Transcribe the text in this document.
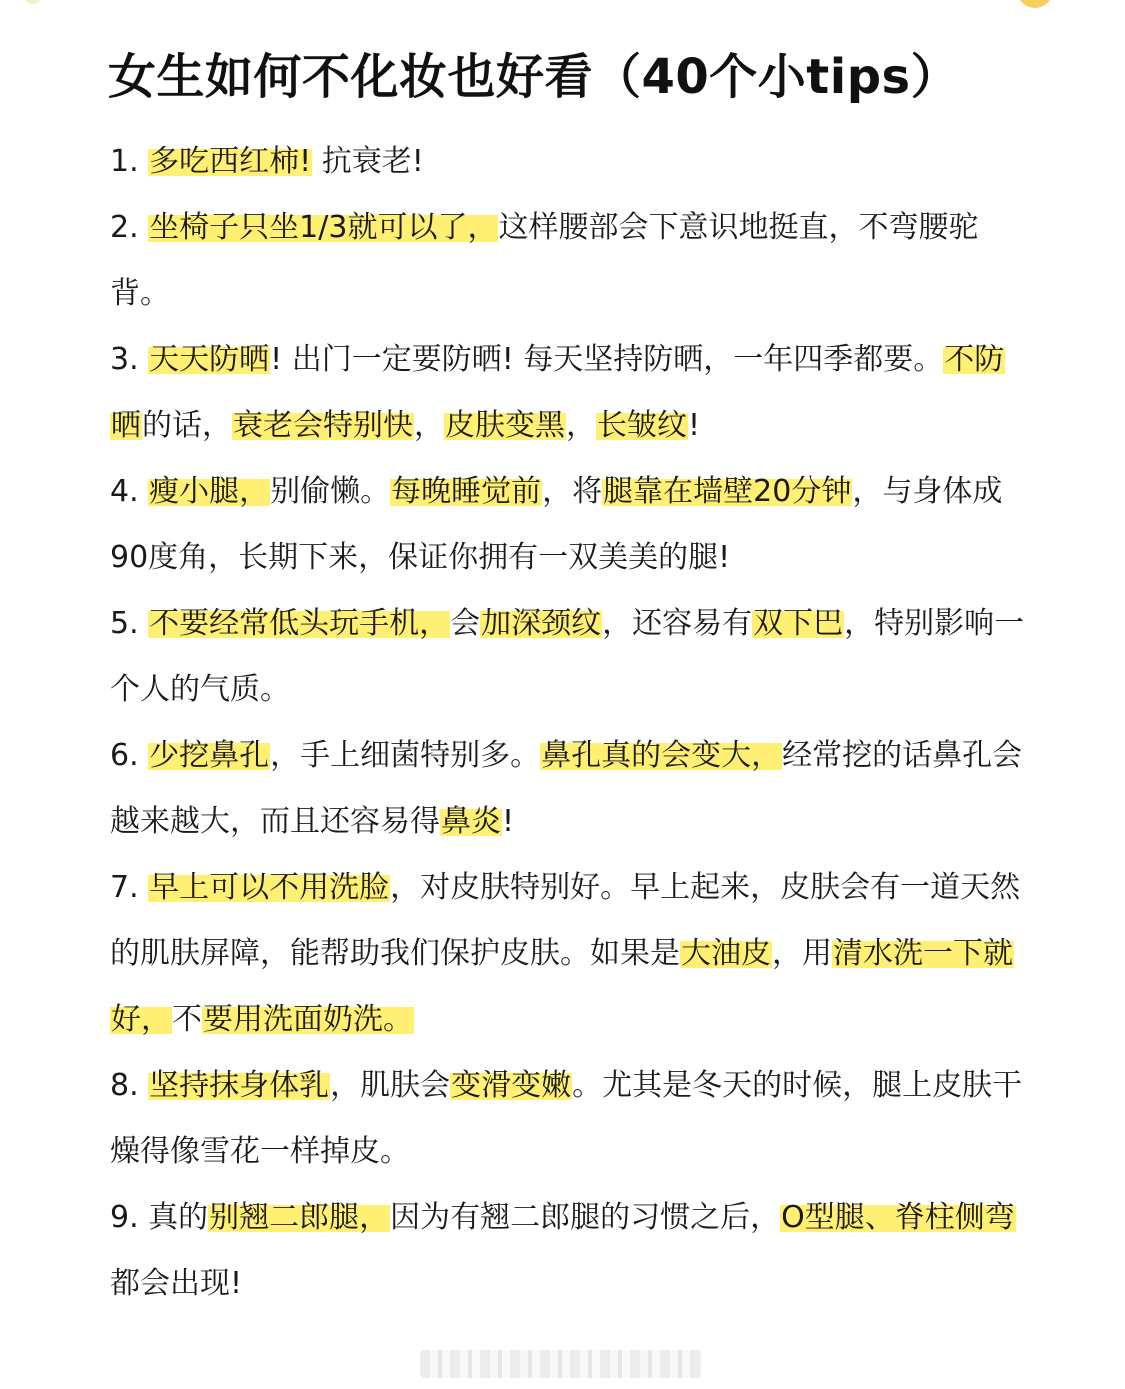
女生如何不化妆也好看（40个小tips）

1. 多吃西红柿! 抗衰老!

2. 坐椅子只坐1/3就可以了，这样腰部会下意识地挺直，不弯腰驼背。

3. 天天防晒! 出门一定要防晒! 每天坚持防晒，一年四季都要。不防晒的话，衰老会特别快，皮肤变黑，长皱纹!

4. 瘦小腿，别偷懒。每晚睡觉前，将腿靠在墙壁20分钟，与身体成90度角，长期下来，保证你拥有一双美美的腿!

5. 不要经常低头玩手机，会加深颈纹，还容易有双下巴，特别影响一个人的气质。

6. 少挖鼻孔，手上细菌特别多。鼻孔真的会变大，经常挖的话鼻孔会越来越大，而且还容易得鼻炎!

7. 早上可以不用洗脸，对皮肤特别好。早上起来，皮肤会有一道天然的肌肤屏障，能帮助我们保护皮肤。如果是大油皮，用清水洗一下就好，不要用洗面奶洗。

8. 坚持抹身体乳，肌肤会变滑变嫩。尤其是冬天的时候，腿上皮肤干燥得像雪花一样掉皮。

9. 真的别翘二郎腿，因为有翘二郎腿的习惯之后，O型腿、脊柱侧弯都会出现!
